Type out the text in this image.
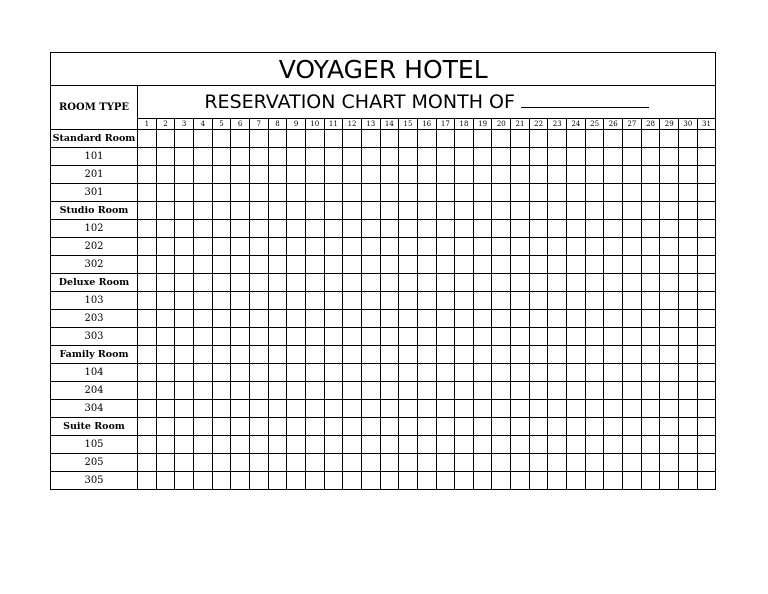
VOYAGER HOTEL																															
ROOM TYPE	RESERVATION CHART MONTH OF																														
	1	2	3	4	5	6	7	8	9	10	11	12	13	14	15	16	17	18	19	20	21	22	23	24	25	26	27	28	29	30	31
Standard Room																															
101																															
201																															
301																															
Studio Room																															
102																															
202																															
302																															
Deluxe Room																															
103																															
203																															
303																															
Family Room																															
104																															
204																															
304																															
Suite Room																															
105																															
205																															
305																															
